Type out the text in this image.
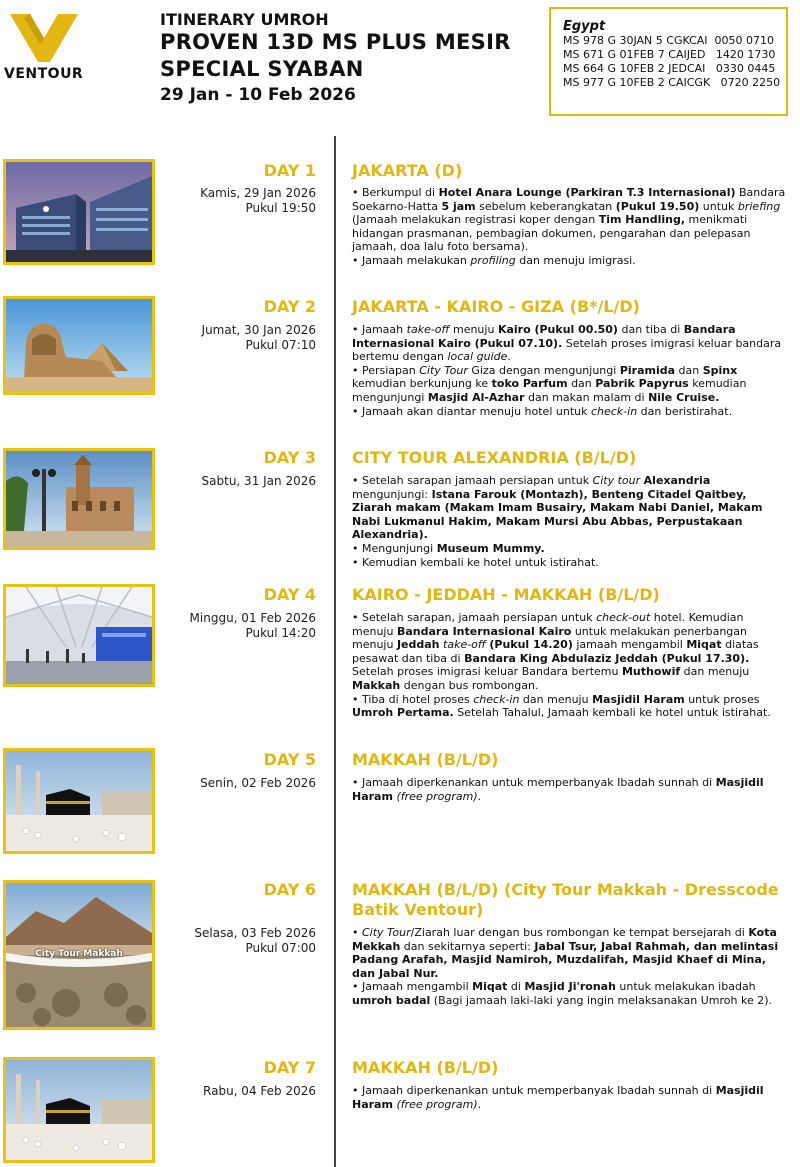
VENTOUR
ITINERARY UMROH
PROVEN 13D MS PLUS MESIR
SPECIAL SYABAN
29 Jan - 10 Feb 2026
Egypt
MS 978 G 30JAN 5 CGKCAI  0050 0710
MS 671 G 01FEB 7 CAIJED   1420 1730
MS 664 G 10FEB 2 JEDCAI   0330 0445
MS 977 G 10FEB 2 CAICGK   0720 2250
DAY 1
Kamis, 29 Jan 2026
Pukul 19:50
JAKARTA (D)

• Berkumpul di Hotel Anara Lounge (Parkiran T.3 Internasional) Bandara Soekarno-Hatta 5 jam sebelum keberangkatan (Pukul 19.50) untuk briefing (Jamaah melakukan registrasi koper dengan Tim Handling, menikmati hidangan prasmanan, pembagian dokumen, pengarahan dan pelepasan jamaah, doa lalu foto bersama).

• Jamaah melakukan profiling dan menuju imigrasi.

DAY 2
Jumat, 30 Jan 2026
Pukul 07:10
JAKARTA - KAIRO - GIZA (B*/L/D)

• Jamaah take-off menuju Kairo (Pukul 00.50) dan tiba di Bandara Internasional Kairo (Pukul 07.10). Setelah proses imigrasi keluar bandara bertemu dengan local guide.

• Persiapan City Tour Giza dengan mengunjungi Piramida dan Spinx kemudian berkunjung ke toko Parfum dan Pabrik Papyrus kemudian mengunjungi Masjid Al-Azhar dan makan malam di Nile Cruise.

• Jamaah akan diantar menuju hotel untuk check-in dan beristirahat.

DAY 3
Sabtu, 31 Jan 2026
CITY TOUR ALEXANDRIA (B/L/D)

• Setelah sarapan jamaah persiapan untuk City tour Alexandria mengunjungi: Istana Farouk (Montazh), Benteng Citadel Qaitbey, Ziarah makam (Makam Imam Busairy, Makam Nabi Daniel, Makam Nabi Lukmanul Hakim, Makam Mursi Abu Abbas, Perpustakaan Alexandria).

• Mengunjungi Museum Mummy.

• Kemudian kembali ke hotel untuk istirahat.

DAY 4
Minggu, 01 Feb 2026
Pukul 14:20
KAIRO - JEDDAH - MAKKAH (B/L/D)

• Setelah sarapan, jamaah persiapan untuk check-out hotel. Kemudian menuju Bandara Internasional Kairo untuk melakukan penerbangan menuju Jeddah take-off (Pukul 14.20) jamaah mengambil Miqat diatas pesawat dan tiba di Bandara King Abdulaziz Jeddah (Pukul 17.30). Setelah proses imigrasi keluar Bandara bertemu Muthowif dan menuju Makkah dengan bus rombongan.

• Tiba di hotel proses check-in dan menuju Masjidil Haram untuk proses Umroh Pertama. Setelah Tahalul, Jamaah kembali ke hotel untuk istirahat.

DAY 5
Senin, 02 Feb 2026
MAKKAH (B/L/D)

• Jamaah diperkenankan untuk memperbanyak Ibadah sunnah di Masjidil Haram (free program).

City Tour Makkah
DAY 6
Selasa, 03 Feb 2026
Pukul 07:00
MAKKAH (B/L/D) (City Tour Makkah - Dresscode Batik Ventour)

• City Tour/Ziarah luar dengan bus rombongan ke tempat bersejarah di Kota Mekkah dan sekitarnya seperti: Jabal Tsur, Jabal Rahmah, dan melintasi Padang Arafah, Masjid Namiroh, Muzdalifah, Masjid Khaef di Mina, dan Jabal Nur.

• Jamaah mengambil Miqat di Masjid Ji'ronah untuk melakukan ibadah umroh badal (Bagi jamaah laki-laki yang ingin melaksanakan Umroh ke 2).

DAY 7
Rabu, 04 Feb 2026
MAKKAH (B/L/D)

• Jamaah diperkenankan untuk memperbanyak Ibadah sunnah di Masjidil Haram (free program).
